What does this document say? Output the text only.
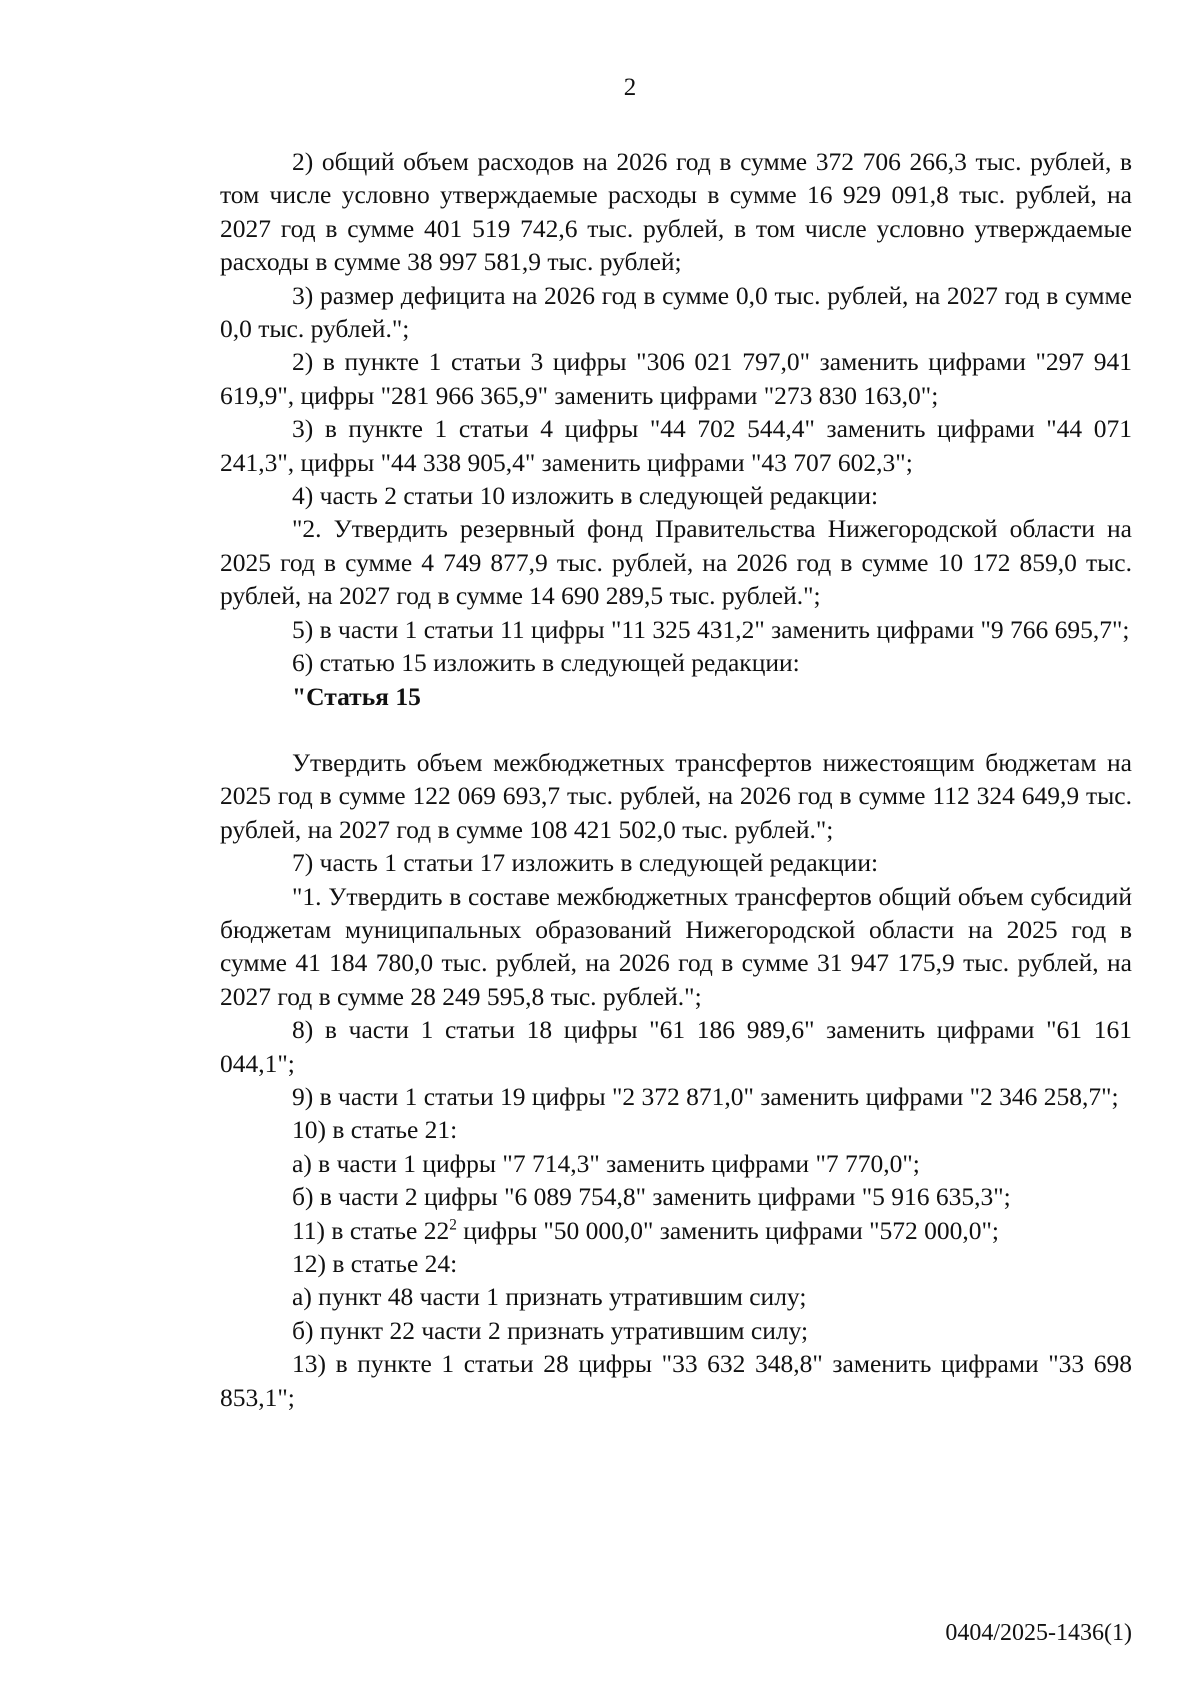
2

2) общий объем расходов на 2026 год в сумме 372 706 266,3 тыс. рублей, в том числе условно утверждаемые расходы в сумме 16 929 091,8 тыс. рублей, на 2027 год в сумме 401 519 742,6 тыс. рублей, в том числе условно утверждаемые расходы в сумме 38 997 581,9 тыс. рублей;

3) размер дефицита на 2026 год в сумме 0,0 тыс. рублей, на 2027 год в сумме 0,0 тыс. рублей.";

2) в пункте 1 статьи 3 цифры "306 021 797,0" заменить цифрами "297 941 619,9", цифры "281 966 365,9" заменить цифрами "273 830 163,0";

3) в пункте 1 статьи 4 цифры "44 702 544,4" заменить цифрами "44 071 241,3", цифры "44 338 905,4" заменить цифрами "43 707 602,3";

4) часть 2 статьи 10 изложить в следующей редакции:

"2. Утвердить резервный фонд Правительства Нижегородской области на 2025 год в сумме 4 749 877,9 тыс. рублей, на 2026 год в сумме 10 172 859,0 тыс. рублей, на 2027 год в сумме 14 690 289,5 тыс. рублей.";

5) в части 1 статьи 11 цифры "11 325 431,2" заменить цифрами "9 766 695,7";

6) статью 15 изложить в следующей редакции:

"Статья 15

Утвердить объем межбюджетных трансфертов нижестоящим бюджетам на 2025 год в сумме 122 069 693,7 тыс. рублей, на 2026 год в сумме 112 324 649,9 тыс. рублей, на 2027 год в сумме 108 421 502,0 тыс. рублей.";

7) часть 1 статьи 17 изложить в следующей редакции:

"1. Утвердить в составе межбюджетных трансфертов общий объем субсидий бюджетам муниципальных образований Нижегородской области на 2025 год в сумме 41 184 780,0 тыс. рублей, на 2026 год в сумме 31 947 175,9 тыс. рублей, на 2027 год в сумме 28 249 595,8 тыс. рублей.";

8) в части 1 статьи 18 цифры "61 186 989,6" заменить цифрами "61 161 044,1";

9) в части 1 статьи 19 цифры "2 372 871,0" заменить цифрами "2 346 258,7";

10) в статье 21:

а) в части 1 цифры "7 714,3" заменить цифрами "7 770,0";

б) в части 2 цифры "6 089 754,8" заменить цифрами "5 916 635,3";

11) в статье $22^2$ цифры "50 000,0" заменить цифрами "572 000,0";

12) в статье 24:

а) пункт 48 части 1 признать утратившим силу;

б) пункт 22 части 2 признать утратившим силу;

13) в пункте 1 статьи 28 цифры "33 632 348,8" заменить цифрами "33 698 853,1";

0404/2025-1436(1)
